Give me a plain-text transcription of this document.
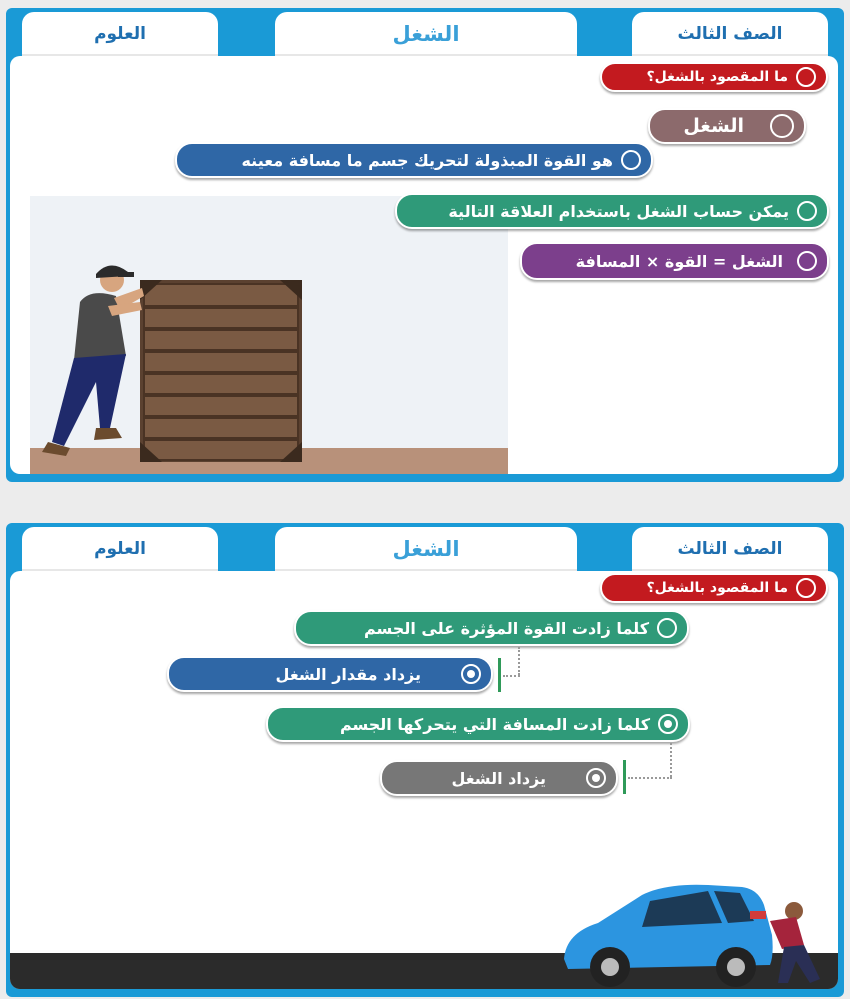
الصف الثالث
الشغل
العلوم
ما المقصود بالشغل؟
الشغل
هو القوة المبذولة لتحريك جسم ما مسافة معينه
يمكن حساب الشغل باستخدام العلاقة التالية
الشغل = القوة × المسافة
الصف الثالث
الشغل
العلوم
ما المقصود بالشغل؟
كلما زادت القوة المؤثرة على الجسم
يزداد مقدار الشغل
كلما زادت المسافة التي يتحركها الجسم
يزداد الشغل
